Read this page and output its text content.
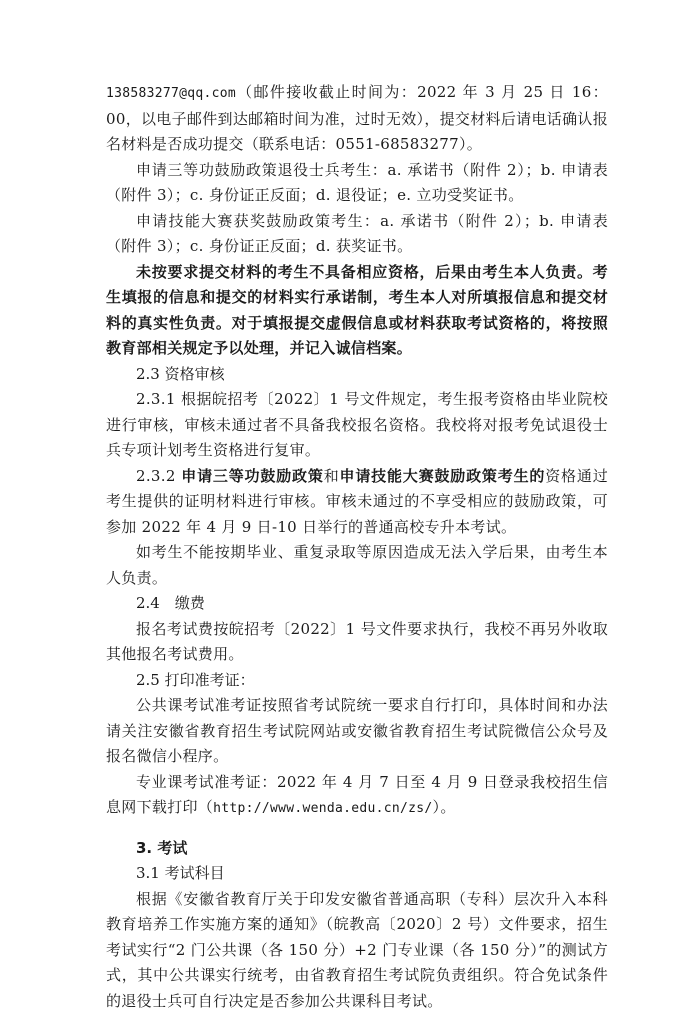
138583277@qq.com（邮件接收截止时间为：2022 年 3 月 25 日 16：00，以电子邮件到达邮箱时间为准，过时无效），提交材料后请电话确认报名材料是否成功提交（联系电话：0551-68583277）。

申请三等功鼓励政策退役士兵考生：a. 承诺书（附件 2）；b. 申请表（附件 3）；c. 身份证正反面；d. 退役证；e. 立功受奖证书。

申请技能大赛获奖鼓励政策考生：a. 承诺书（附件 2）；b. 申请表（附件 3）；c. 身份证正反面；d. 获奖证书。

未按要求提交材料的考生不具备相应资格，后果由考生本人负责。考生填报的信息和提交的材料实行承诺制，考生本人对所填报信息和提交材料的真实性负责。对于填报提交虚假信息或材料获取考试资格的，将按照教育部相关规定予以处理，并记入诚信档案。

2.3 资格审核

2.3.1 根据皖招考〔2022〕1 号文件规定，考生报考资格由毕业院校进行审核，审核未通过者不具备我校报名资格。我校将对报考免试退役士兵专项计划考生资格进行复审。

2.3.2 申请三等功鼓励政策和申请技能大赛鼓励政策考生的资格通过考生提供的证明材料进行审核。审核未通过的不享受相应的鼓励政策，可参加 2022 年 4 月 9 日-10 日举行的普通高校专升本考试。

如考生不能按期毕业、重复录取等原因造成无法入学后果，由考生本人负责。

2.4　缴费

报名考试费按皖招考〔2022〕1 号文件要求执行，我校不再另外收取其他报名考试费用。

2.5 打印准考证：

公共课考试准考证按照省考试院统一要求自行打印，具体时间和办法请关注安徽省教育招生考试院网站或安徽省教育招生考试院微信公众号及报名微信小程序。

专业课考试准考证：2022 年 4 月 7 日至 4 月 9 日登录我校招生信息网下载打印（http://www.wenda.edu.cn/zs/）。

3. 考试

3.1 考试科目

根据《安徽省教育厅关于印发安徽省普通高职（专科）层次升入本科教育培养工作实施方案的通知》（皖教高〔2020〕2 号）文件要求，招生考试实行“2 门公共课（各 150 分）+2 门专业课（各 150 分）”的测试方式，其中公共课实行统考，由省教育招生考试院负责组织。符合免试条件的退役士兵可自行决定是否参加公共课科目考试。
